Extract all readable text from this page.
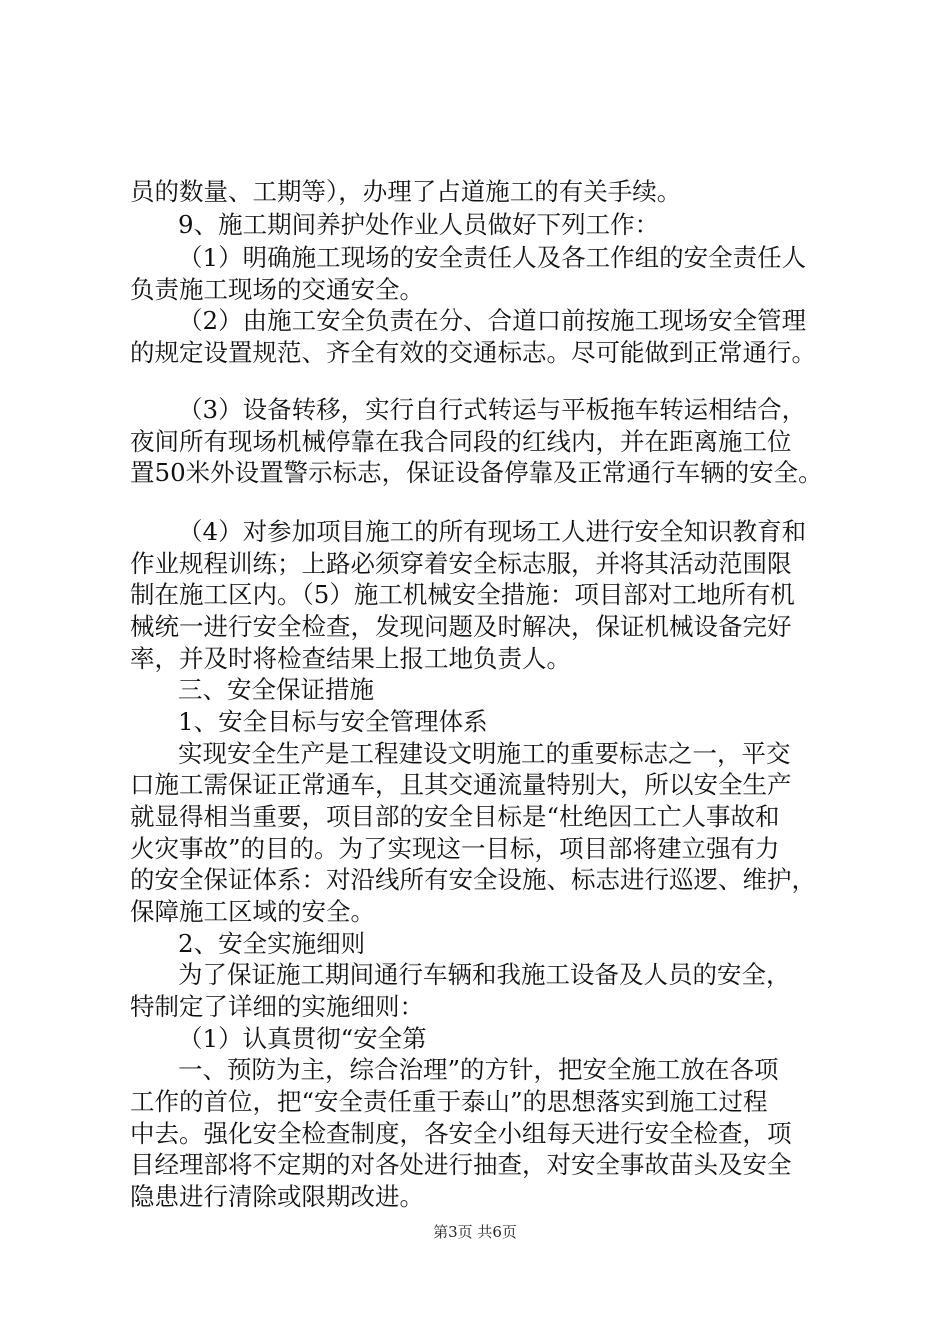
员的数量、工期等），办理了占道施工的有关手续。
9、施工期间养护处作业人员做好下列工作：
（1）明确施工现场的安全责任人及各工作组的安全责任人
负责施工现场的交通安全。
（2）由施工安全负责在分、合道口前按施工现场安全管理
的规定设置规范、齐全有效的交通标志。尽可能做到正常通行。
（3）设备转移，实行自行式转运与平板拖车转运相结合，
夜间所有现场机械停靠在我合同段的红线内，并在距离施工位
置50米外设置警示标志，保证设备停靠及正常通行车辆的安全。
（4）对参加项目施工的所有现场工人进行安全知识教育和
作业规程训练；上路必须穿着安全标志服，并将其活动范围限
制在施工区内。（5）施工机械安全措施：项目部对工地所有机
械统一进行安全检查，发现问题及时解决，保证机械设备完好
率，并及时将检查结果上报工地负责人。
三、安全保证措施
1、安全目标与安全管理体系
实现安全生产是工程建设文明施工的重要标志之一，平交
口施工需保证正常通车，且其交通流量特别大，所以安全生产
就显得相当重要，项目部的安全目标是“杜绝因工亡人事故和
火灾事故”的目的。为了实现这一目标，项目部将建立强有力
的安全保证体系：对沿线所有安全设施、标志进行巡逻、维护，
保障施工区域的安全。
2、安全实施细则
为了保证施工期间通行车辆和我施工设备及人员的安全，
特制定了详细的实施细则：
（1）认真贯彻“安全第
一、预防为主，综合治理”的方针，把安全施工放在各项
工作的首位，把“安全责任重于泰山”的思想落实到施工过程
中去。强化安全检查制度，各安全小组每天进行安全检查，项
目经理部将不定期的对各处进行抽查，对安全事故苗头及安全
隐患进行清除或限期改进。
第3页 共6页
